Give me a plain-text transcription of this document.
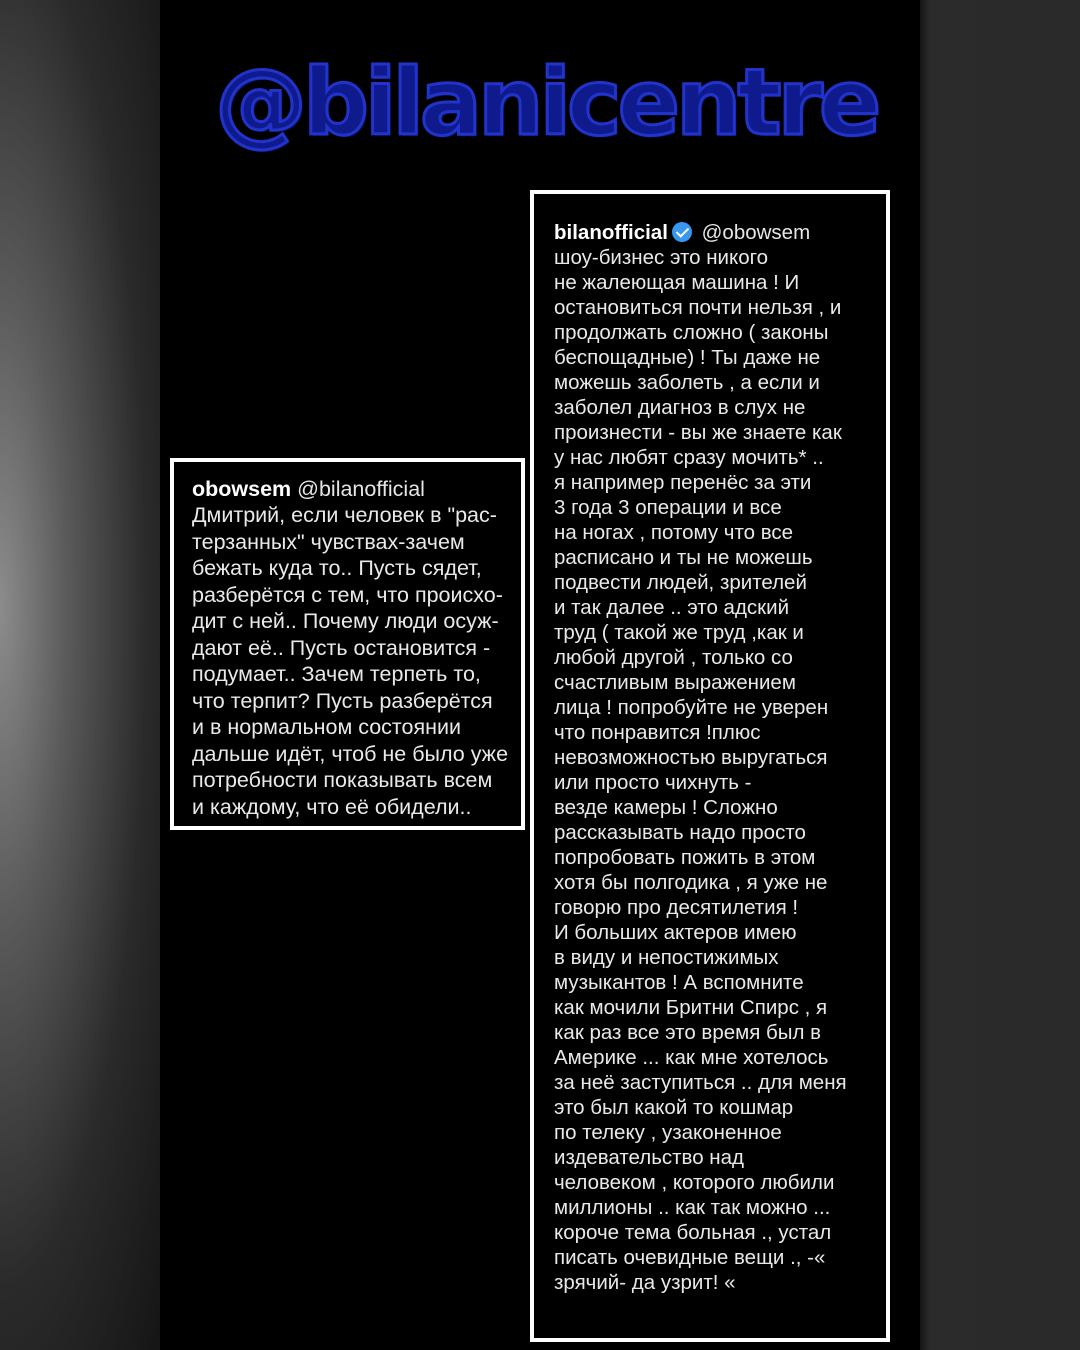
@bilanicentre
obowsem @bilanofficial
Дмитрий, если человек в "рас-
терзанных" чувствах-зачем
бежать куда то.. Пусть сядет,
разберётся с тем, что происхо-
дит с ней.. Почему люди осуж-
дают её.. Пусть остановится -
подумает.. Зачем терпеть то,
что терпит? Пусть разберётся
и в нормальном состоянии
дальше идёт, чтоб не было уже
потребности показывать всем
и каждому, что её обидели..
bilanofficial @obowsem
шоу-бизнес это никого
не жалеющая машина ! И
остановиться почти нельзя , и
продолжать сложно ( законы
беспощадные) ! Ты даже не
можешь заболеть , а если и
заболел диагноз в слух не
произнести - вы же знаете как
у нас любят сразу мочить* ..
я например перенёс за эти
3 года 3 операции и все
на ногах , потому что все
расписано и ты не можешь
подвести людей, зрителей
и так далее .. это адский
труд ( такой же труд ,как и
любой другой , только со
счастливым выражением
лица ! попробуйте не уверен
что понравится !плюс
невозможностью выругаться
или просто чихнуть -
везде камеры ! Сложно
рассказывать надо просто
попробовать пожить в этом
хотя бы полгодика , я уже не
говорю про десятилетия !
И больших актеров имею
в виду и непостижимых
музыкантов ! А вспомните
как мочили Бритни Спирс , я
как раз все это время был в
Америке ... как мне хотелось
за неё заступиться .. для меня
это был какой то кошмар
по телеку , узаконенное
издевательство над
человеком , которого любили
миллионы .. как так можно ...
короче тема больная ., устал
писать очевидные вещи ., -«
зрячий- да узрит! «
